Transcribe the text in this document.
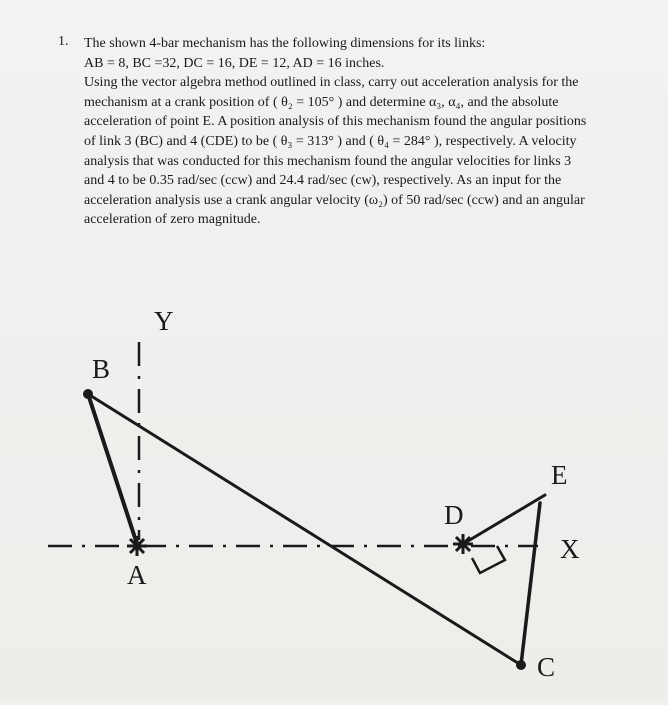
1. The shown 4-bar mechanism has the following dimensions for its links:
AB = 8, BC =32, DC = 16, DE = 12, AD = 16 inches.
Using the vector algebra method outlined in class, carry out acceleration analysis for the
mechanism at a crank position of ( θ₂ = 105° ) and determine α₃, α₄, and the absolute
acceleration of point E. A position analysis of this mechanism found the angular positions
of link 3 (BC) and 4 (CDE) to be ( θ₃ = 313° ) and ( θ₄ = 284° ), respectively. A velocity
analysis that was conducted for this mechanism found the angular velocities for links 3
and 4 to be 0.35 rad/sec (ccw) and 24.4 rad/sec (cw), respectively. As an input for the
acceleration analysis use a crank angular velocity (ω₂) of 50 rad/sec (ccw) and an angular
acceleration of zero magnitude.
Y
B
A
D
E
X
C
